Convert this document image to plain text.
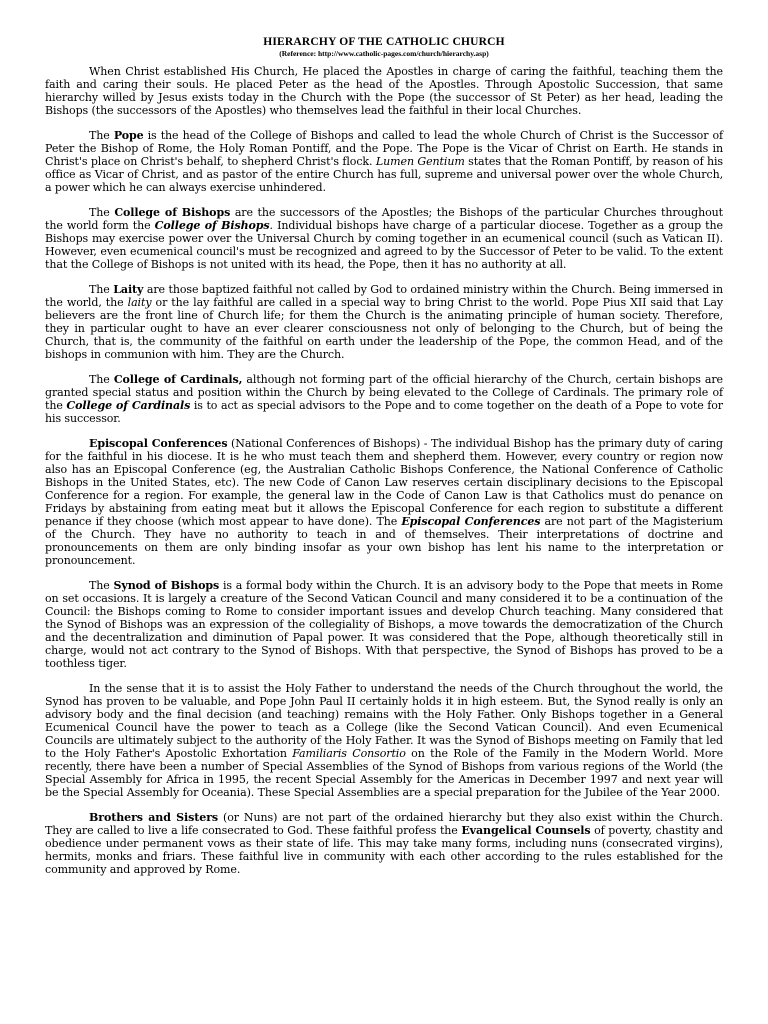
HIERARCHY OF THE CATHOLIC CHURCH
(Reference: http://www.catholic-pages.com/church/hierarchy.asp)

When Christ established His Church, He placed the Apostles in charge of caring the faithful, teaching them the faith and caring their souls. He placed Peter as the head of the Apostles. Through Apostolic Succession, that same hierarchy willed by Jesus exists today in the Church with the Pope (the successor of St Peter) as her head, leading the Bishops (the successors of the Apostles) who themselves lead the faithful in their local Churches.

The Pope is the head of the College of Bishops and called to lead the whole Church of Christ is the Successor of Peter the Bishop of Rome, the Holy Roman Pontiff, and the Pope. The Pope is the Vicar of Christ on Earth. He stands in Christ's place on Christ's behalf, to shepherd Christ's flock. Lumen Gentium states that the Roman Pontiff, by reason of his office as Vicar of Christ, and as pastor of the entire Church has full, supreme and universal power over the whole Church, a power which he can always exercise unhindered.

The College of Bishops are the successors of the Apostles; the Bishops of the particular Churches throughout the world form the College of Bishops. Individual bishops have charge of a particular diocese. Together as a group the Bishops may exercise power over the Universal Church by coming together in an ecumenical council (such as Vatican II). However, even ecumenical council's must be recognized and agreed to by the Successor of Peter to be valid. To the extent that the College of Bishops is not united with its head, the Pope, then it has no authority at all.

The Laity are those baptized faithful not called by God to ordained ministry within the Church. Being immersed in the world, the laity or the lay faithful are called in a special way to bring Christ to the world. Pope Pius XII said that Lay believers are the front line of Church life; for them the Church is the animating principle of human society. Therefore, they in particular ought to have an ever clearer consciousness not only of belonging to the Church, but of being the Church, that is, the community of the faithful on earth under the leadership of the Pope, the common Head, and of the bishops in communion with him. They are the Church.

The College of Cardinals, although not forming part of the official hierarchy of the Church, certain bishops are granted special status and position within the Church by being elevated to the College of Cardinals. The primary role of the College of Cardinals is to act as special advisors to the Pope and to come together on the death of a Pope to vote for his successor.

Episcopal Conferences (National Conferences of Bishops) - The individual Bishop has the primary duty of caring for the faithful in his diocese. It is he who must teach them and shepherd them. However, every country or region now also has an Episcopal Conference (eg, the Australian Catholic Bishops Conference, the National Conference of Catholic Bishops in the United States, etc). The new Code of Canon Law reserves certain disciplinary decisions to the Episcopal Conference for a region. For example, the general law in the Code of Canon Law is that Catholics must do penance on Fridays by abstaining from eating meat but it allows the Episcopal Conference for each region to substitute a different penance if they choose (which most appear to have done). The Episcopal Conferences are not part of the Magisterium of the Church. They have no authority to teach in and of themselves. Their interpretations of doctrine and pronouncements on them are only binding insofar as your own bishop has lent his name to the interpretation or pronouncement.

The Synod of Bishops is a formal body within the Church. It is an advisory body to the Pope that meets in Rome on set occasions. It is largely a creature of the Second Vatican Council and many considered it to be a continuation of the Council: the Bishops coming to Rome to consider important issues and develop Church teaching. Many considered that the Synod of Bishops was an expression of the collegiality of Bishops, a move towards the democratization of the Church and the decentralization and diminution of Papal power. It was considered that the Pope, although theoretically still in charge, would not act contrary to the Synod of Bishops. With that perspective, the Synod of Bishops has proved to be a toothless tiger.

In the sense that it is to assist the Holy Father to understand the needs of the Church throughout the world, the Synod has proven to be valuable, and Pope John Paul II certainly holds it in high esteem. But, the Synod really is only an advisory body and the final decision (and teaching) remains with the Holy Father. Only Bishops together in a General Ecumenical Council have the power to teach as a College (like the Second Vatican Council). And even Ecumenical Councils are ultimately subject to the authority of the Holy Father. It was the Synod of Bishops meeting on Family that led to the Holy Father's Apostolic Exhortation Familiaris Consortio on the Role of the Family in the Modern World. More recently, there have been a number of Special Assemblies of the Synod of Bishops from various regions of the World (the Special Assembly for Africa in 1995, the recent Special Assembly for the Americas in December 1997 and next year will be the Special Assembly for Oceania). These Special Assemblies are a special preparation for the Jubilee of the Year 2000.

Brothers and Sisters (or Nuns) are not part of the ordained hierarchy but they also exist within the Church. They are called to live a life consecrated to God. These faithful profess the Evangelical Counsels of poverty, chastity and obedience under permanent vows as their state of life. This may take many forms, including nuns (consecrated virgins), hermits, monks and friars. These faithful live in community with each other according to the rules established for the community and approved by Rome.
